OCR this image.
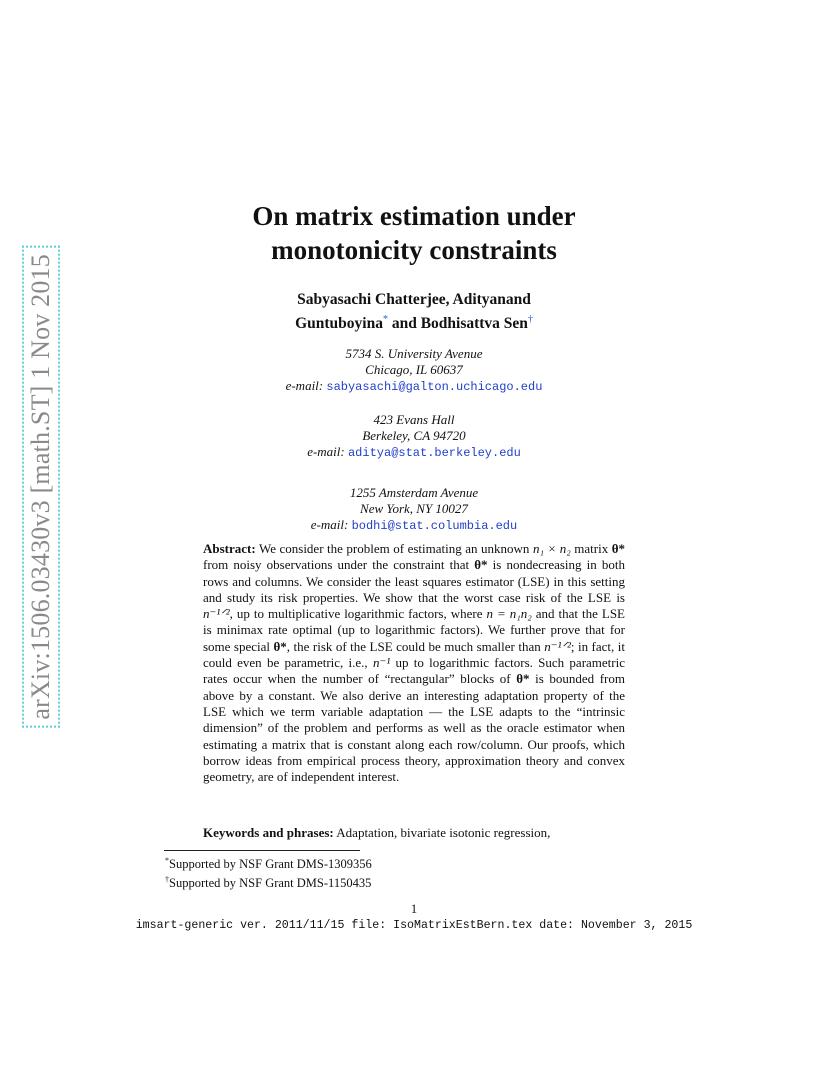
arXiv:1506.03430v3 [math.ST] 1 Nov 2015
On matrix estimation under
monotonicity constraints
Sabyasachi Chatterjee, Adityanand
Guntuboyina* and Bodhisattva Sen†
5734 S. University Avenue
Chicago, IL 60637
e-mail: sabyasachi@galton.uchicago.edu
423 Evans Hall
Berkeley, CA 94720
e-mail: aditya@stat.berkeley.edu
1255 Amsterdam Avenue
New York, NY 10027
e-mail: bodhi@stat.columbia.edu
Abstract: We consider the problem of estimating an unknown n₁ × n₂ matrix θ* from noisy observations under the constraint that θ* is nondecreasing in both rows and columns. We consider the least squares estimator (LSE) in this setting and study its risk properties. We show that the worst case risk of the LSE is n⁻¹ᐟ², up to multiplicative logarithmic factors, where n = n₁n₂ and that the LSE is minimax rate optimal (up to logarithmic factors). We further prove that for some special θ*, the risk of the LSE could be much smaller than n⁻¹ᐟ²; in fact, it could even be parametric, i.e., n⁻¹ up to logarithmic factors. Such parametric rates occur when the number of “rectangular” blocks of θ* is bounded from above by a constant. We also derive an interesting adaptation property of the LSE which we term variable adaptation — the LSE adapts to the “intrinsic dimension” of the problem and performs as well as the oracle estimator when estimating a matrix that is constant along each row/column. Our proofs, which borrow ideas from empirical process theory, approximation theory and convex geometry, are of independent interest.
Keywords and phrases: Adaptation, bivariate isotonic regression,
*Supported by NSF Grant DMS-1309356
†Supported by NSF Grant DMS-1150435
1
imsart-generic ver. 2011/11/15 file: IsoMatrixEstBern.tex date: November 3, 2015
